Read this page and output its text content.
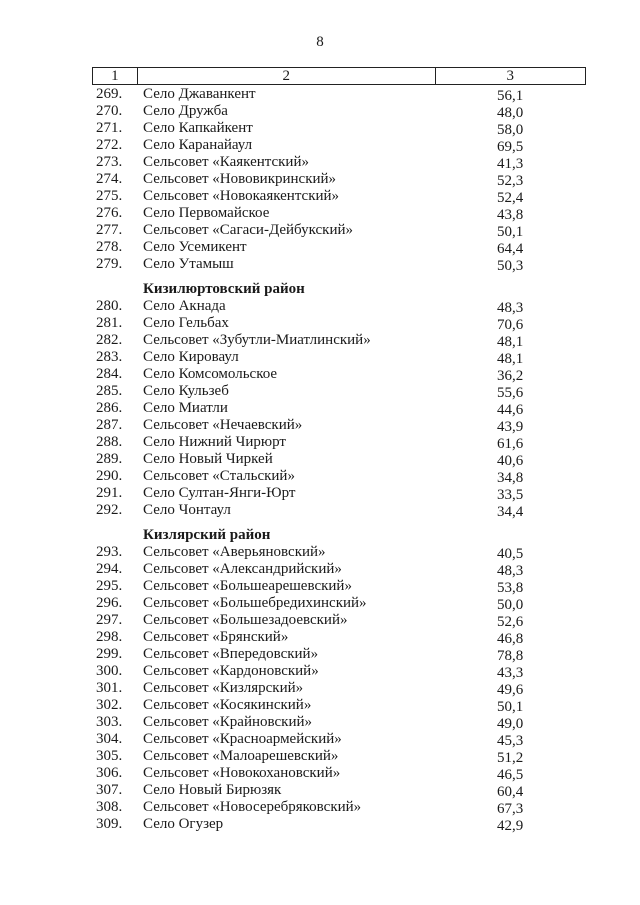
8
1	2	3
269. Село Джаванкент	56,1
270. Село Дружба	48,0
271. Село Капкайкент	58,0
272. Село Каранайаул	69,5
273. Сельсовет «Каякентский»	41,3
274. Сельсовет «Нововикринский»	52,3
275. Сельсовет «Новокаякентский»	52,4
276. Село Первомайское	43,8
277. Сельсовет «Сагаси-Дейбукский»	50,1
278. Село Усемикент	64,4
279. Село Утамыш	50,3
Кизилюртовский район
280. Село Акнада	48,3
281. Село Гельбах	70,6
282. Сельсовет «Зубутли-Миатлинский»	48,1
283. Село Кироваул	48,1
284. Село Комсомольское	36,2
285. Село Кульзеб	55,6
286. Село Миатли	44,6
287. Сельсовет «Нечаевский»	43,9
288. Село Нижний Чирюрт	61,6
289. Село Новый Чиркей	40,6
290. Сельсовет «Стальский»	34,8
291. Село Султан-Янги-Юрт	33,5
292. Село Чонтаул	34,4
Кизлярский район
293. Сельсовет «Аверьяновский»	40,5
294. Сельсовет «Александрийский»	48,3
295. Сельсовет «Большеарешевский»	53,8
296. Сельсовет «Большебредихинский»	50,0
297. Сельсовет «Большезадоевский»	52,6
298. Сельсовет «Брянский»	46,8
299. Сельсовет «Впередовский»	78,8
300. Сельсовет «Кардоновский»	43,3
301. Сельсовет «Кизлярский»	49,6
302. Сельсовет «Косякинский»	50,1
303. Сельсовет «Крайновский»	49,0
304. Сельсовет «Красноармейский»	45,3
305. Сельсовет «Малоарешевский»	51,2
306. Сельсовет «Новокохановский»	46,5
307. Село Новый Бирюзяк	60,4
308. Сельсовет «Новосеребряковский»	67,3
309. Село Огузер	42,9
